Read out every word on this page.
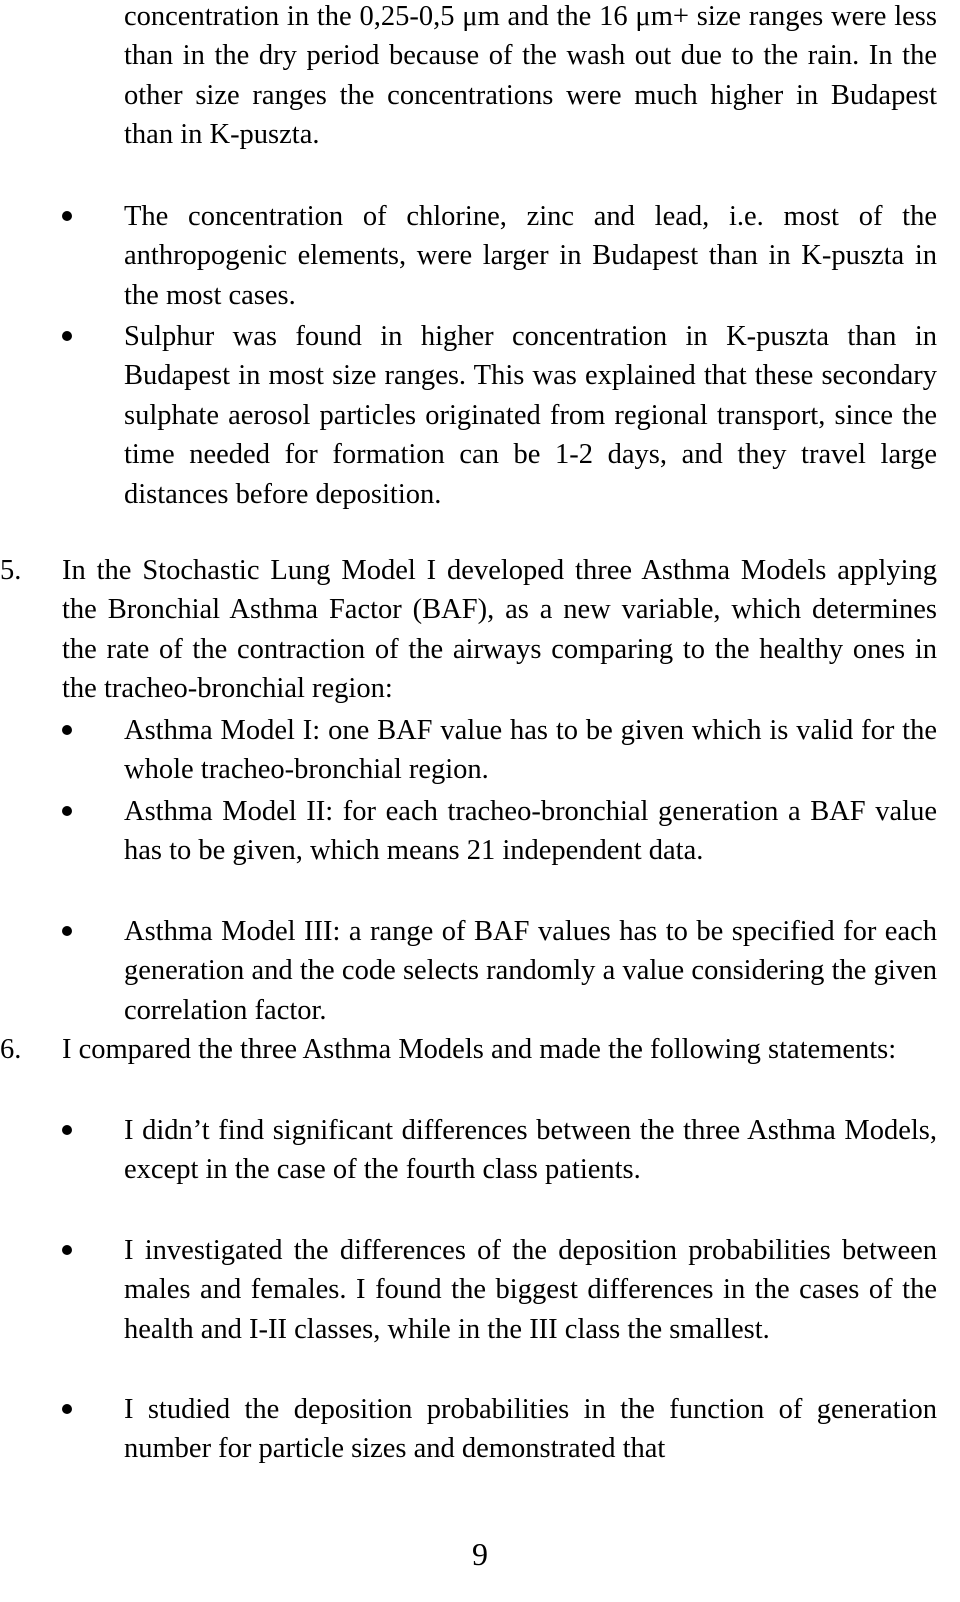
concentration in the 0,25-0,5 μm and the 16 μm+ size ranges were less than in the dry period because of the wash out due to the rain. In the other size ranges the concentrations were much higher in Budapest than in K-puszta.

The concentration of chlorine, zinc and lead, i.e. most of the anthropogenic elements, were larger in Budapest than in K-puszta in the most cases.

Sulphur was found in higher concentration in K-puszta than in Budapest in most size ranges. This was explained that these secondary sulphate aerosol particles originated from regional transport, since the time needed for formation can be 1-2 days, and they travel large distances before deposition.

5.	In the Stochastic Lung Model I developed three Asthma Models applying the Bronchial Asthma Factor (BAF), as a new variable, which determines the rate of the contraction of the airways comparing to the healthy ones in the tracheo-bronchial region:

Asthma Model I: one BAF value has to be given which is valid for the whole tracheo-bronchial region.

Asthma Model II: for each tracheo-bronchial generation a BAF value has to be given, which means 21 independent data.

Asthma Model III: a range of BAF values has to be specified for each generation and the code selects randomly a value considering the given correlation factor.

6.	I compared the three Asthma Models and made the following statements:

I didn’t find significant differences between the three Asthma Models, except in the case of the fourth class patients.

I investigated the differences of the deposition probabilities between males and females. I found the biggest differences in the cases of the health and I-II classes, while in the III class the smallest.

I studied the deposition probabilities in the function of generation number for particle sizes and demonstrated that

9
